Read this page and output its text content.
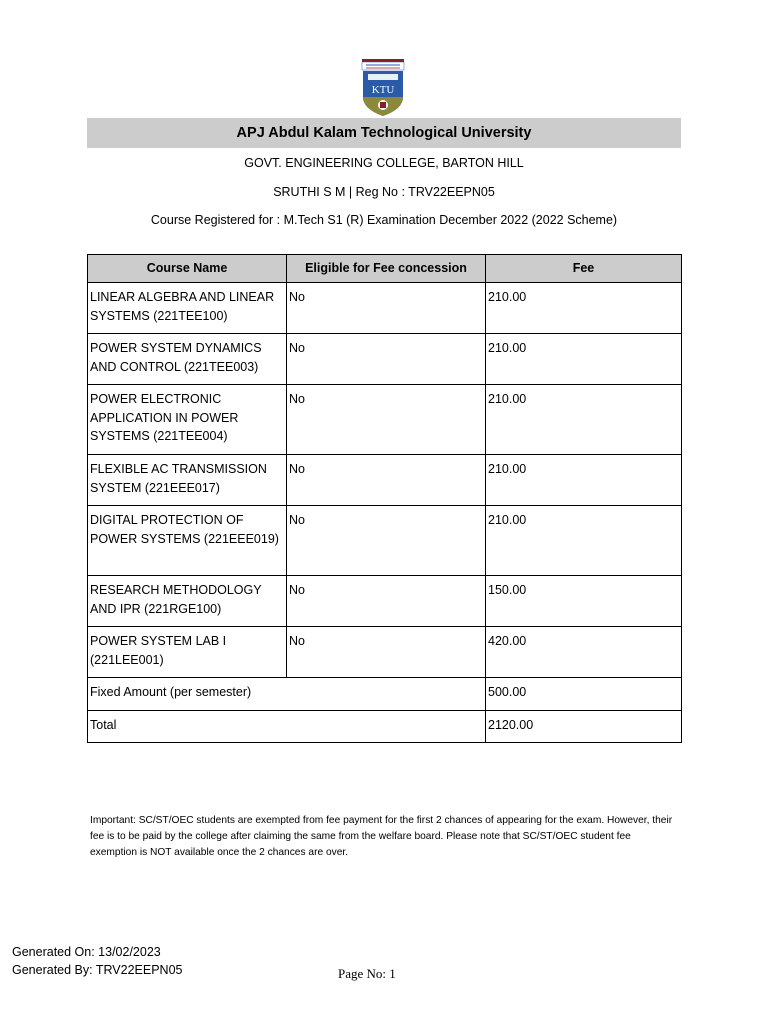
KTU
APJ Abdul Kalam Technological University
GOVT. ENGINEERING COLLEGE, BARTON HILL
SRUTHI S M | Reg No : TRV22EEPN05
Course Registered for : M.Tech S1 (R) Examination December 2022 (2022 Scheme)
Course Name	Eligible for Fee concession	Fee
LINEAR ALGEBRA AND LINEAR SYSTEMS (221TEE100)	No	210.00
POWER SYSTEM DYNAMICS AND CONTROL (221TEE003)	No	210.00
POWER ELECTRONIC APPLICATION IN POWER SYSTEMS (221TEE004)	No	210.00
FLEXIBLE AC TRANSMISSION SYSTEM (221EEE017)	No	210.00
DIGITAL PROTECTION OF POWER SYSTEMS (221EEE019)	No	210.00
RESEARCH METHODOLOGY AND IPR (221RGE100)	No	150.00
POWER SYSTEM LAB I (221LEE001)	No	420.00
Fixed Amount (per semester)		500.00
Total		2120.00
Important: SC/ST/OEC students are exempted from fee payment for the first 2 chances of appearing for the exam. However, their fee is to be paid by the college after claiming the same from the welfare board. Please note that SC/ST/OEC student fee exemption is NOT available once the 2 chances are over.
Generated On: 13/02/2023
Generated By: TRV22EEPN05	Page No: 1
